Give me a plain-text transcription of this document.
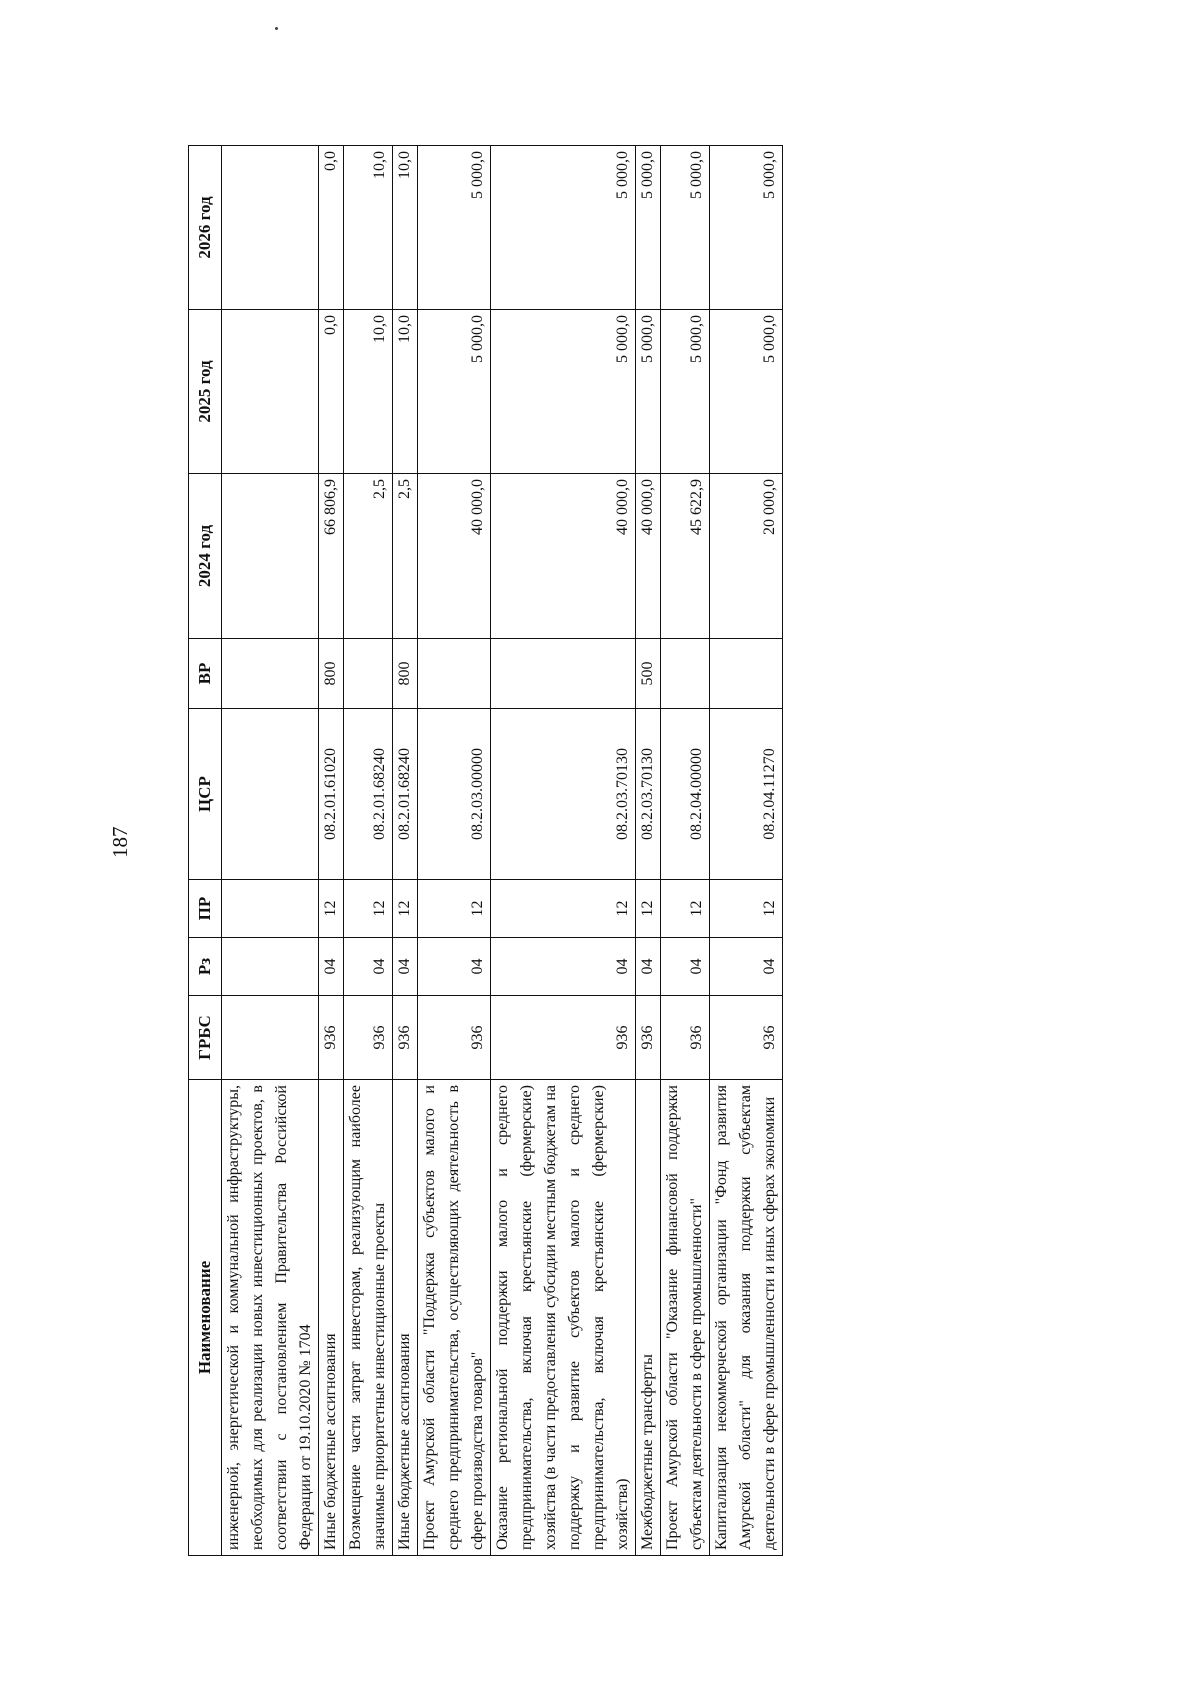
187
Наименование	ГРБС	Рз	ПР	ЦСР	ВР	2024 год	2025 год	2026 год
инженерной, энергетической и коммунальной инфраструктуры, необходимых для реализации новых инвестиционных проектов, в соответствии с постановлением Правительства Российской Федерации от 19.10.2020 № 1704								
Иные бюджетные ассигнования	936	04	12	08.2.01.61020	800	66 806,9	0,0	0,0
Возмещение части затрат инвесторам, реализующим наиболее значимые приоритетные инвестиционные проекты	936	04	12	08.2.01.68240		2,5	10,0	10,0
Иные бюджетные ассигнования	936	04	12	08.2.01.68240	800	2,5	10,0	10,0
Проект Амурской области "Поддержка субъектов малого и среднего предпринимательства, осуществляющих деятельность в сфере производства товаров"	936	04	12	08.2.03.00000		40 000,0	5 000,0	5 000,0
Оказание региональной поддержки малого и среднего предпринимательства, включая крестьянские (фермерские) хозяйства (в части предоставления субсидии местным бюджетам на поддержку и развитие субъектов малого и среднего предпринимательства, включая крестьянские (фермерские) хозяйства)	936	04	12	08.2.03.70130		40 000,0	5 000,0	5 000,0
Межбюджетные трансферты	936	04	12	08.2.03.70130	500	40 000,0	5 000,0	5 000,0
Проект Амурской области "Оказание финансовой поддержки субъектам деятельности в сфере промышленности"	936	04	12	08.2.04.00000		45 622,9	5 000,0	5 000,0
Капитализация некоммерческой организации "Фонд развития Амурской области" для оказания поддержки субъектам деятельности в сфере промышленности и иных сферах экономики	936	04	12	08.2.04.11270		20 000,0	5 000,0	5 000,0
